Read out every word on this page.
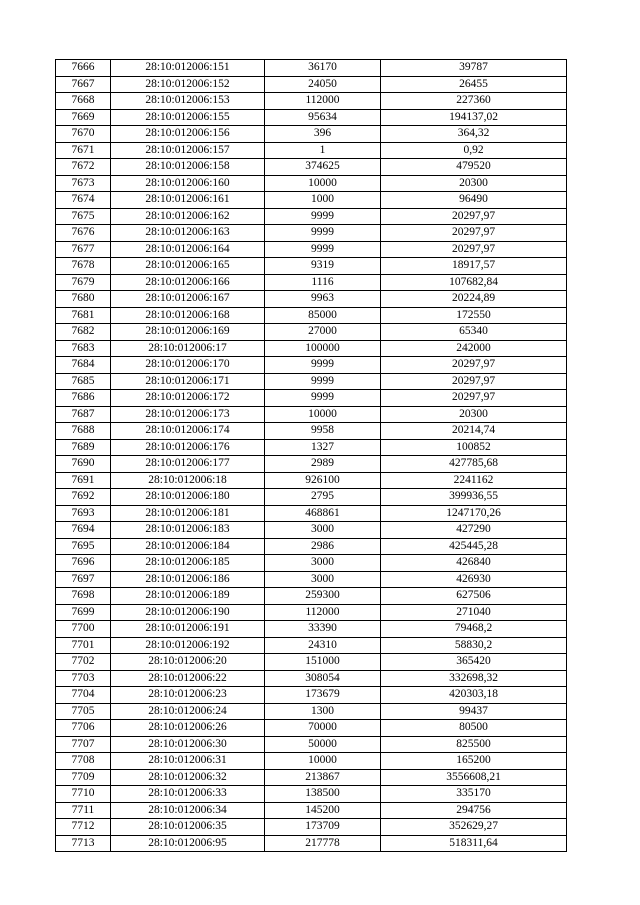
7666	28:10:012006:151	36170	39787
7667	28:10:012006:152	24050	26455
7668	28:10:012006:153	112000	227360
7669	28:10:012006:155	95634	194137,02
7670	28:10:012006:156	396	364,32
7671	28:10:012006:157	1	0,92
7672	28:10:012006:158	374625	479520
7673	28:10:012006:160	10000	20300
7674	28:10:012006:161	1000	96490
7675	28:10:012006:162	9999	20297,97
7676	28:10:012006:163	9999	20297,97
7677	28:10:012006:164	9999	20297,97
7678	28:10:012006:165	9319	18917,57
7679	28:10:012006:166	1116	107682,84
7680	28:10:012006:167	9963	20224,89
7681	28:10:012006:168	85000	172550
7682	28:10:012006:169	27000	65340
7683	28:10:012006:17	100000	242000
7684	28:10:012006:170	9999	20297,97
7685	28:10:012006:171	9999	20297,97
7686	28:10:012006:172	9999	20297,97
7687	28:10:012006:173	10000	20300
7688	28:10:012006:174	9958	20214,74
7689	28:10:012006:176	1327	100852
7690	28:10:012006:177	2989	427785,68
7691	28:10:012006:18	926100	2241162
7692	28:10:012006:180	2795	399936,55
7693	28:10:012006:181	468861	1247170,26
7694	28:10:012006:183	3000	427290
7695	28:10:012006:184	2986	425445,28
7696	28:10:012006:185	3000	426840
7697	28:10:012006:186	3000	426930
7698	28:10:012006:189	259300	627506
7699	28:10:012006:190	112000	271040
7700	28:10:012006:191	33390	79468,2
7701	28:10:012006:192	24310	58830,2
7702	28:10:012006:20	151000	365420
7703	28:10:012006:22	308054	332698,32
7704	28:10:012006:23	173679	420303,18
7705	28:10:012006:24	1300	99437
7706	28:10:012006:26	70000	80500
7707	28:10:012006:30	50000	825500
7708	28:10:012006:31	10000	165200
7709	28:10:012006:32	213867	3556608,21
7710	28:10:012006:33	138500	335170
7711	28:10:012006:34	145200	294756
7712	28:10:012006:35	173709	352629,27
7713	28:10:012006:95	217778	518311,64
